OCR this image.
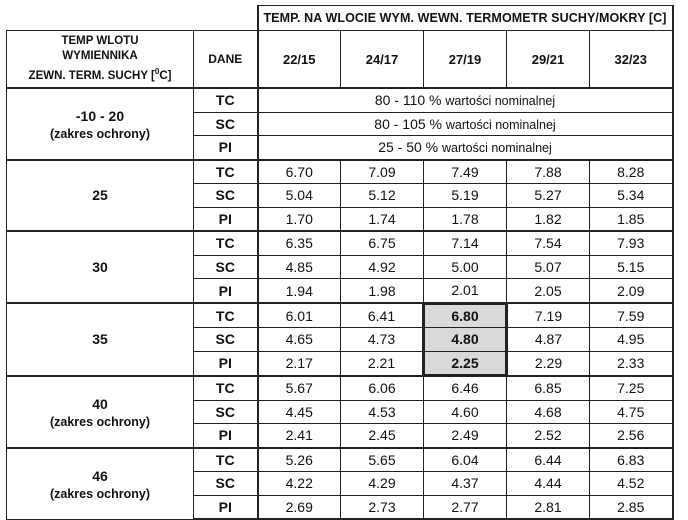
		TEMP. NA WLOCIE WYM. WEWN. TERMOMETR SUCHY/MOKRY [C]				
TEMP WLOTU
WYMIENNIKA
ZEWN. TERM. SUCHY [$^0$C]	DANE	22/15	24/17	27/19	29/21	32/23
-10 - 20
(zakres ochrony)	TC	80 - 110 % wartości nominalnej				
	SC	80 - 105 % wartości nominalnej				
	PI	25 - 50 % wartości nominalnej				
25	TC	6.70	7.09	7.49	7.88	8.28
	SC	5.04	5.12	5.19	5.27	5.34
	PI	1.70	1.74	1.78	1.82	1.85
30	TC	6.35	6.75	7.14	7.54	7.93
	SC	4.85	4.92	5.00	5.07	5.15
	PI	1.94	1.98	2.01	2.05	2.09
35	TC	6.01	6.41	6.80	7.19	7.59
	SC	4.65	4.73	4.80	4.87	4.95
	PI	2.17	2.21	2.25	2.29	2.33
40
(zakres ochrony)	TC	5.67	6.06	6.46	6.85	7.25
	SC	4.45	4.53	4.60	4.68	4.75
	PI	2.41	2.45	2.49	2.52	2.56
46
(zakres ochrony)	TC	5.26	5.65	6.04	6.44	6.83
	SC	4.22	4.29	4.37	4.44	4.52
	PI	2.69	2.73	2.77	2.81	2.85
